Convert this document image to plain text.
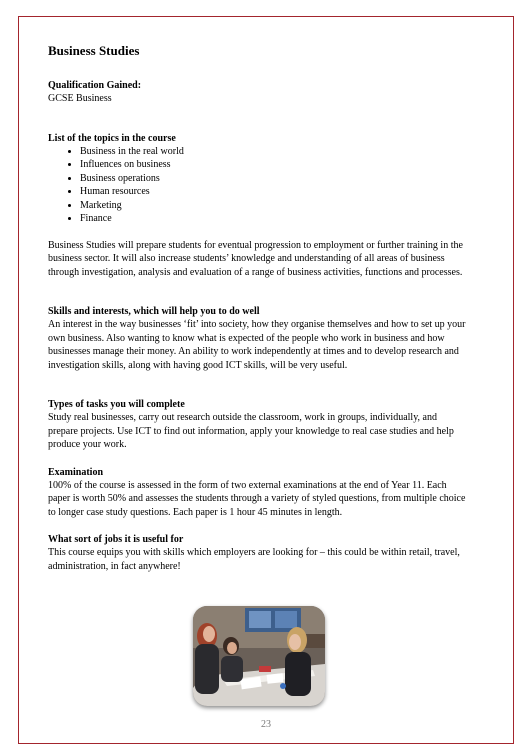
Business Studies

Qualification Gained:

GCSE Business

List of the topics in the course

• Business in the real world
• Influences on business
• Business operations
• Human resources
• Marketing
• Finance

Business Studies will prepare students for eventual progression to employment or further training in the business sector. It will also increase students’ knowledge and understanding of all areas of business through investigation, analysis and evaluation of a range of business activities, functions and processes.

Skills and interests, which will help you to do well

An interest in the way businesses ‘fit’ into society, how they organise themselves and how to set up your own business. Also wanting to know what is expected of the people who work in business and how businesses manage their money. An ability to work independently at times and to develop research and investigation skills, along with having good ICT skills, will be very useful.

Types of tasks you will complete

Study real businesses, carry out research outside the classroom, work in groups, individually, and prepare projects. Use ICT to find out information, apply your knowledge to real case studies and help produce your work.

Examination

100% of the course is assessed in the form of two external examinations at the end of Year 11. Each paper is worth 50% and assesses the students through a variety of styled questions, from multiple choice to longer case study questions. Each paper is 1 hour 45 minutes in length.

What sort of jobs it is useful for

This course equips you with skills which employers are looking for – this could be within retail, travel, administration, in fact anywhere!

23
